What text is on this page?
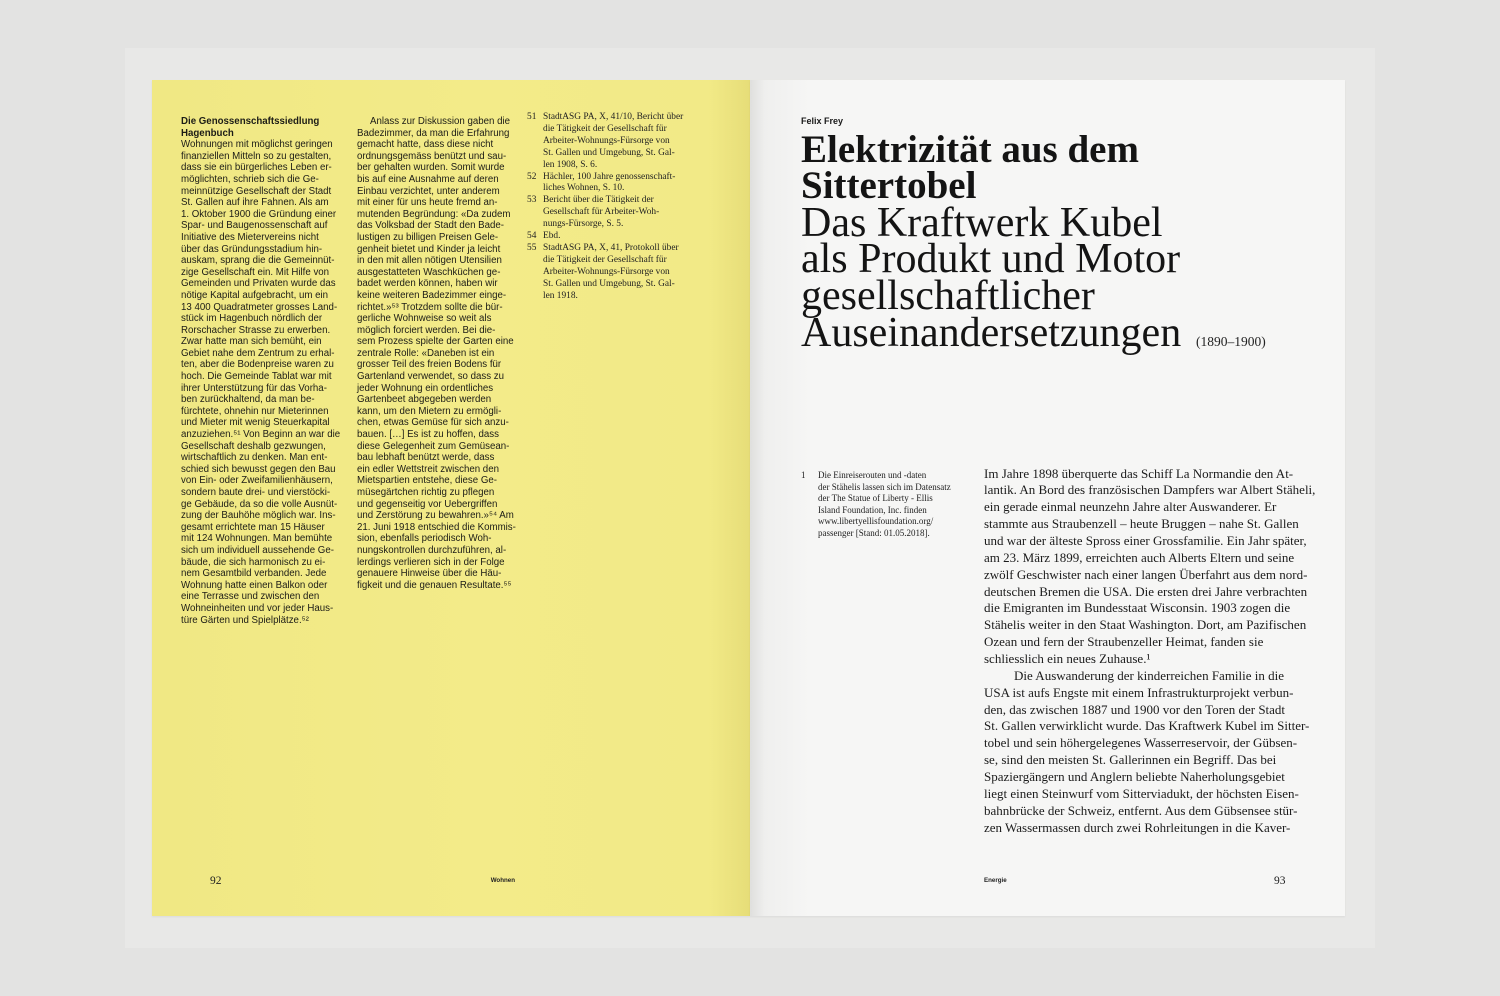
Die Genossenschaftssiedlung
Hagenbuch
Wohnungen mit möglichst geringen
finanziellen Mitteln so zu gestalten,
dass sie ein bürgerliches Leben er-
möglichten, schrieb sich die Ge-
meinnützige Gesellschaft der Stadt
St. Gallen auf ihre Fahnen. Als am
1. Oktober 1900 die Gründung einer
Spar- und Baugenossenschaft auf
Initiative des Mietervereins nicht
über das Gründungsstadium hin-
auskam, sprang die die Gemeinnüt-
zige Gesellschaft ein. Mit Hilfe von
Gemeinden und Privaten wurde das
nötige Kapital aufgebracht, um ein
13 400 Quadratmeter grosses Land-
stück im Hagenbuch nördlich der
Rorschacher Strasse zu erwerben.
Zwar hatte man sich bemüht, ein
Gebiet nahe dem Zentrum zu erhal-
ten, aber die Bodenpreise waren zu
hoch. Die Gemeinde Tablat war mit
ihrer Unterstützung für das Vorha-
ben zurückhaltend, da man be-
fürchtete, ohnehin nur Mieterinnen
und Mieter mit wenig Steuerkapital
anzuziehen.⁵¹ Von Beginn an war die
Gesellschaft deshalb gezwungen,
wirtschaftlich zu denken. Man ent-
schied sich bewusst gegen den Bau
von Ein- oder Zweifamilienhäusern,
sondern baute drei- und vierstöcki-
ge Gebäude, da so die volle Ausnüt-
zung der Bauhöhe möglich war. Ins-
gesamt errichtete man 15 Häuser
mit 124 Wohnungen. Man bemühte
sich um individuell aussehende Ge-
bäude, die sich harmonisch zu ei-
nem Gesamtbild verbanden. Jede
Wohnung hatte einen Balkon oder
eine Terrasse und zwischen den
Wohneinheiten und vor jeder Haus-
türe Gärten und Spielplätze.⁵²
Anlass zur Diskussion gaben die
Badezimmer, da man die Erfahrung
gemacht hatte, dass diese nicht
ordnungsgemäss benützt und sau-
ber gehalten wurden. Somit wurde
bis auf eine Ausnahme auf deren
Einbau verzichtet, unter anderem
mit einer für uns heute fremd an-
mutenden Begründung: «Da zudem
das Volksbad der Stadt den Bade-
lustigen zu billigen Preisen Gele-
genheit bietet und Kinder ja leicht
in den mit allen nötigen Utensilien
ausgestatteten Waschküchen ge-
badet werden können, haben wir
keine weiteren Badezimmer einge-
richtet.»⁵³ Trotzdem sollte die bür-
gerliche Wohnweise so weit als
möglich forciert werden. Bei die-
sem Prozess spielte der Garten eine
zentrale Rolle: «Daneben ist ein
grosser Teil des freien Bodens für
Gartenland verwendet, so dass zu
jeder Wohnung ein ordentliches
Gartenbeet abgegeben werden
kann, um den Mietern zu ermögli-
chen, etwas Gemüse für sich anzu-
bauen. […] Es ist zu hoffen, dass
diese Gelegenheit zum Gemüsean-
bau lebhaft benützt werde, dass
ein edler Wettstreit zwischen den
Mietspartien entstehe, diese Ge-
müsegärtchen richtig zu pflegen
und gegenseitig vor Uebergriffen
und Zerstörung zu bewahren.»⁵⁴ Am
21. Juni 1918 entschied die Kommis-
sion, ebenfalls periodisch Woh-
nungskontrollen durchzuführen, al-
lerdings verlieren sich in der Folge
genauere Hinweise über die Häu-
figkeit und die genauen Resultate.⁵⁵
51 StadtASG PA, X, 41/10, Bericht über
die Tätigkeit der Gesellschaft für
Arbeiter-Wohnungs-Fürsorge von
St. Gallen und Umgebung, St. Gal-
len 1908, S. 6.
52 Hächler, 100 Jahre genossenschaft-
liches Wohnen, S. 10.
53 Bericht über die Tätigkeit der
Gesellschaft für Arbeiter-Woh-
nungs-Fürsorge, S. 5.
54 Ebd.
55 StadtASG PA, X, 41, Protokoll über
die Tätigkeit der Gesellschaft für
Arbeiter-Wohnungs-Fürsorge von
St. Gallen und Umgebung, St. Gal-
len 1918.
92	Wohnen
Felix Frey
Elektrizität aus dem
Sittertobel
Das Kraftwerk Kubel
als Produkt und Motor
gesellschaftlicher
Auseinandersetzungen	(1890–1900)
1	Die Einreiserouten und -daten
der Stähelis lassen sich im Datensatz
der The Statue of Liberty - Ellis
Island Foundation, Inc. finden
www.libertyellisfoundation.org/
passenger [Stand: 01.05.2018].
Im Jahre 1898 überquerte das Schiff La Normandie den At-
lantik. An Bord des französischen Dampfers war Albert Stäheli,
ein gerade einmal neunzehn Jahre alter Auswanderer. Er
stammte aus Straubenzell – heute Bruggen – nahe St. Gallen
und war der älteste Spross einer Grossfamilie. Ein Jahr später,
am 23. März 1899, erreichten auch Alberts Eltern und seine
zwölf Geschwister nach einer langen Überfahrt aus dem nord-
deutschen Bremen die USA. Die ersten drei Jahre verbrachten
die Emigranten im Bundesstaat Wisconsin. 1903 zogen die
Stähelis weiter in den Staat Washington. Dort, am Pazifischen
Ozean und fern der Straubenzeller Heimat, fanden sie
schliesslich ein neues Zuhause.¹
Die Auswanderung der kinderreichen Familie in die
USA ist aufs Engste mit einem Infrastrukturprojekt verbun-
den, das zwischen 1887 und 1900 vor den Toren der Stadt
St. Gallen verwirklicht wurde. Das Kraftwerk Kubel im Sitter-
tobel und sein höhergelegenes Wasserreservoir, der Gübsen-
se, sind den meisten St. Gallerinnen ein Begriff. Das bei
Spaziergängern und Anglern beliebte Naherholungsgebiet
liegt einen Steinwurf vom Sitterviadukt, der höchsten Eisen-
bahnbrücke der Schweiz, entfernt. Aus dem Gübsensee stür-
zen Wassermassen durch zwei Rohrleitungen in die Kaver-
Energie	93
